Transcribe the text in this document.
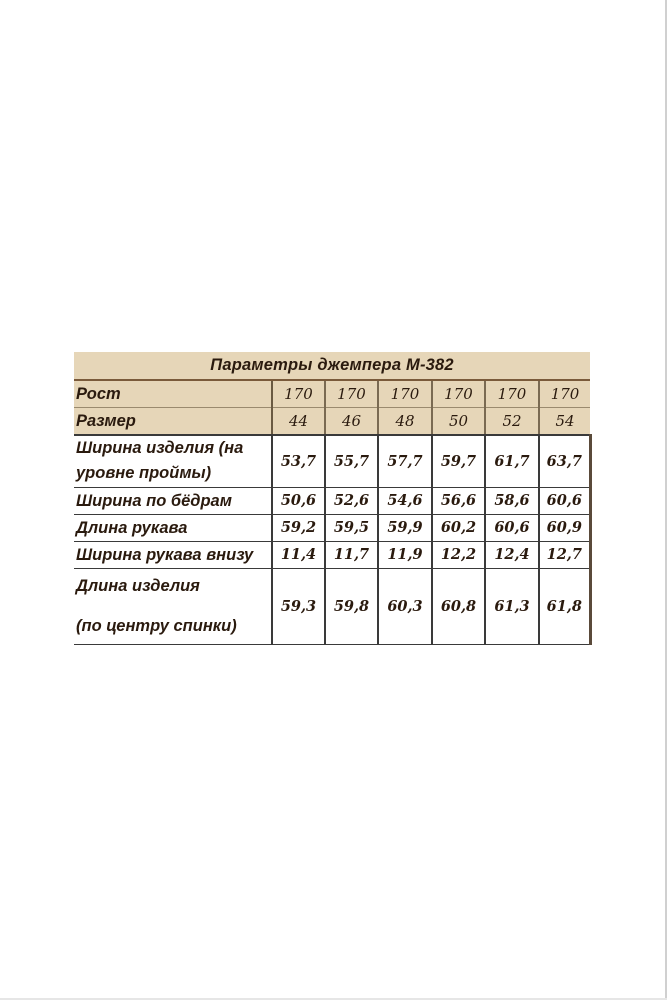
Параметры джемпера М-382						
Рост	170	170	170	170	170	170
Размер	44	46	48	50	52	54

Ширина изделия (на
уровне проймы)	53,7	55,7	57,7	59,7	61,7	63,7
Ширина по бёдрам	50,6	52,6	54,6	56,6	58,6	60,6
Длина рукава	59,2	59,5	59,9	60,2	60,6	60,9
Ширина рукава внизу	11,4	11,7	11,9	12,2	12,4	12,7

Длина изделия
(по центру спинки)	59,3	59,8	60,3	60,8	61,3	61,8
